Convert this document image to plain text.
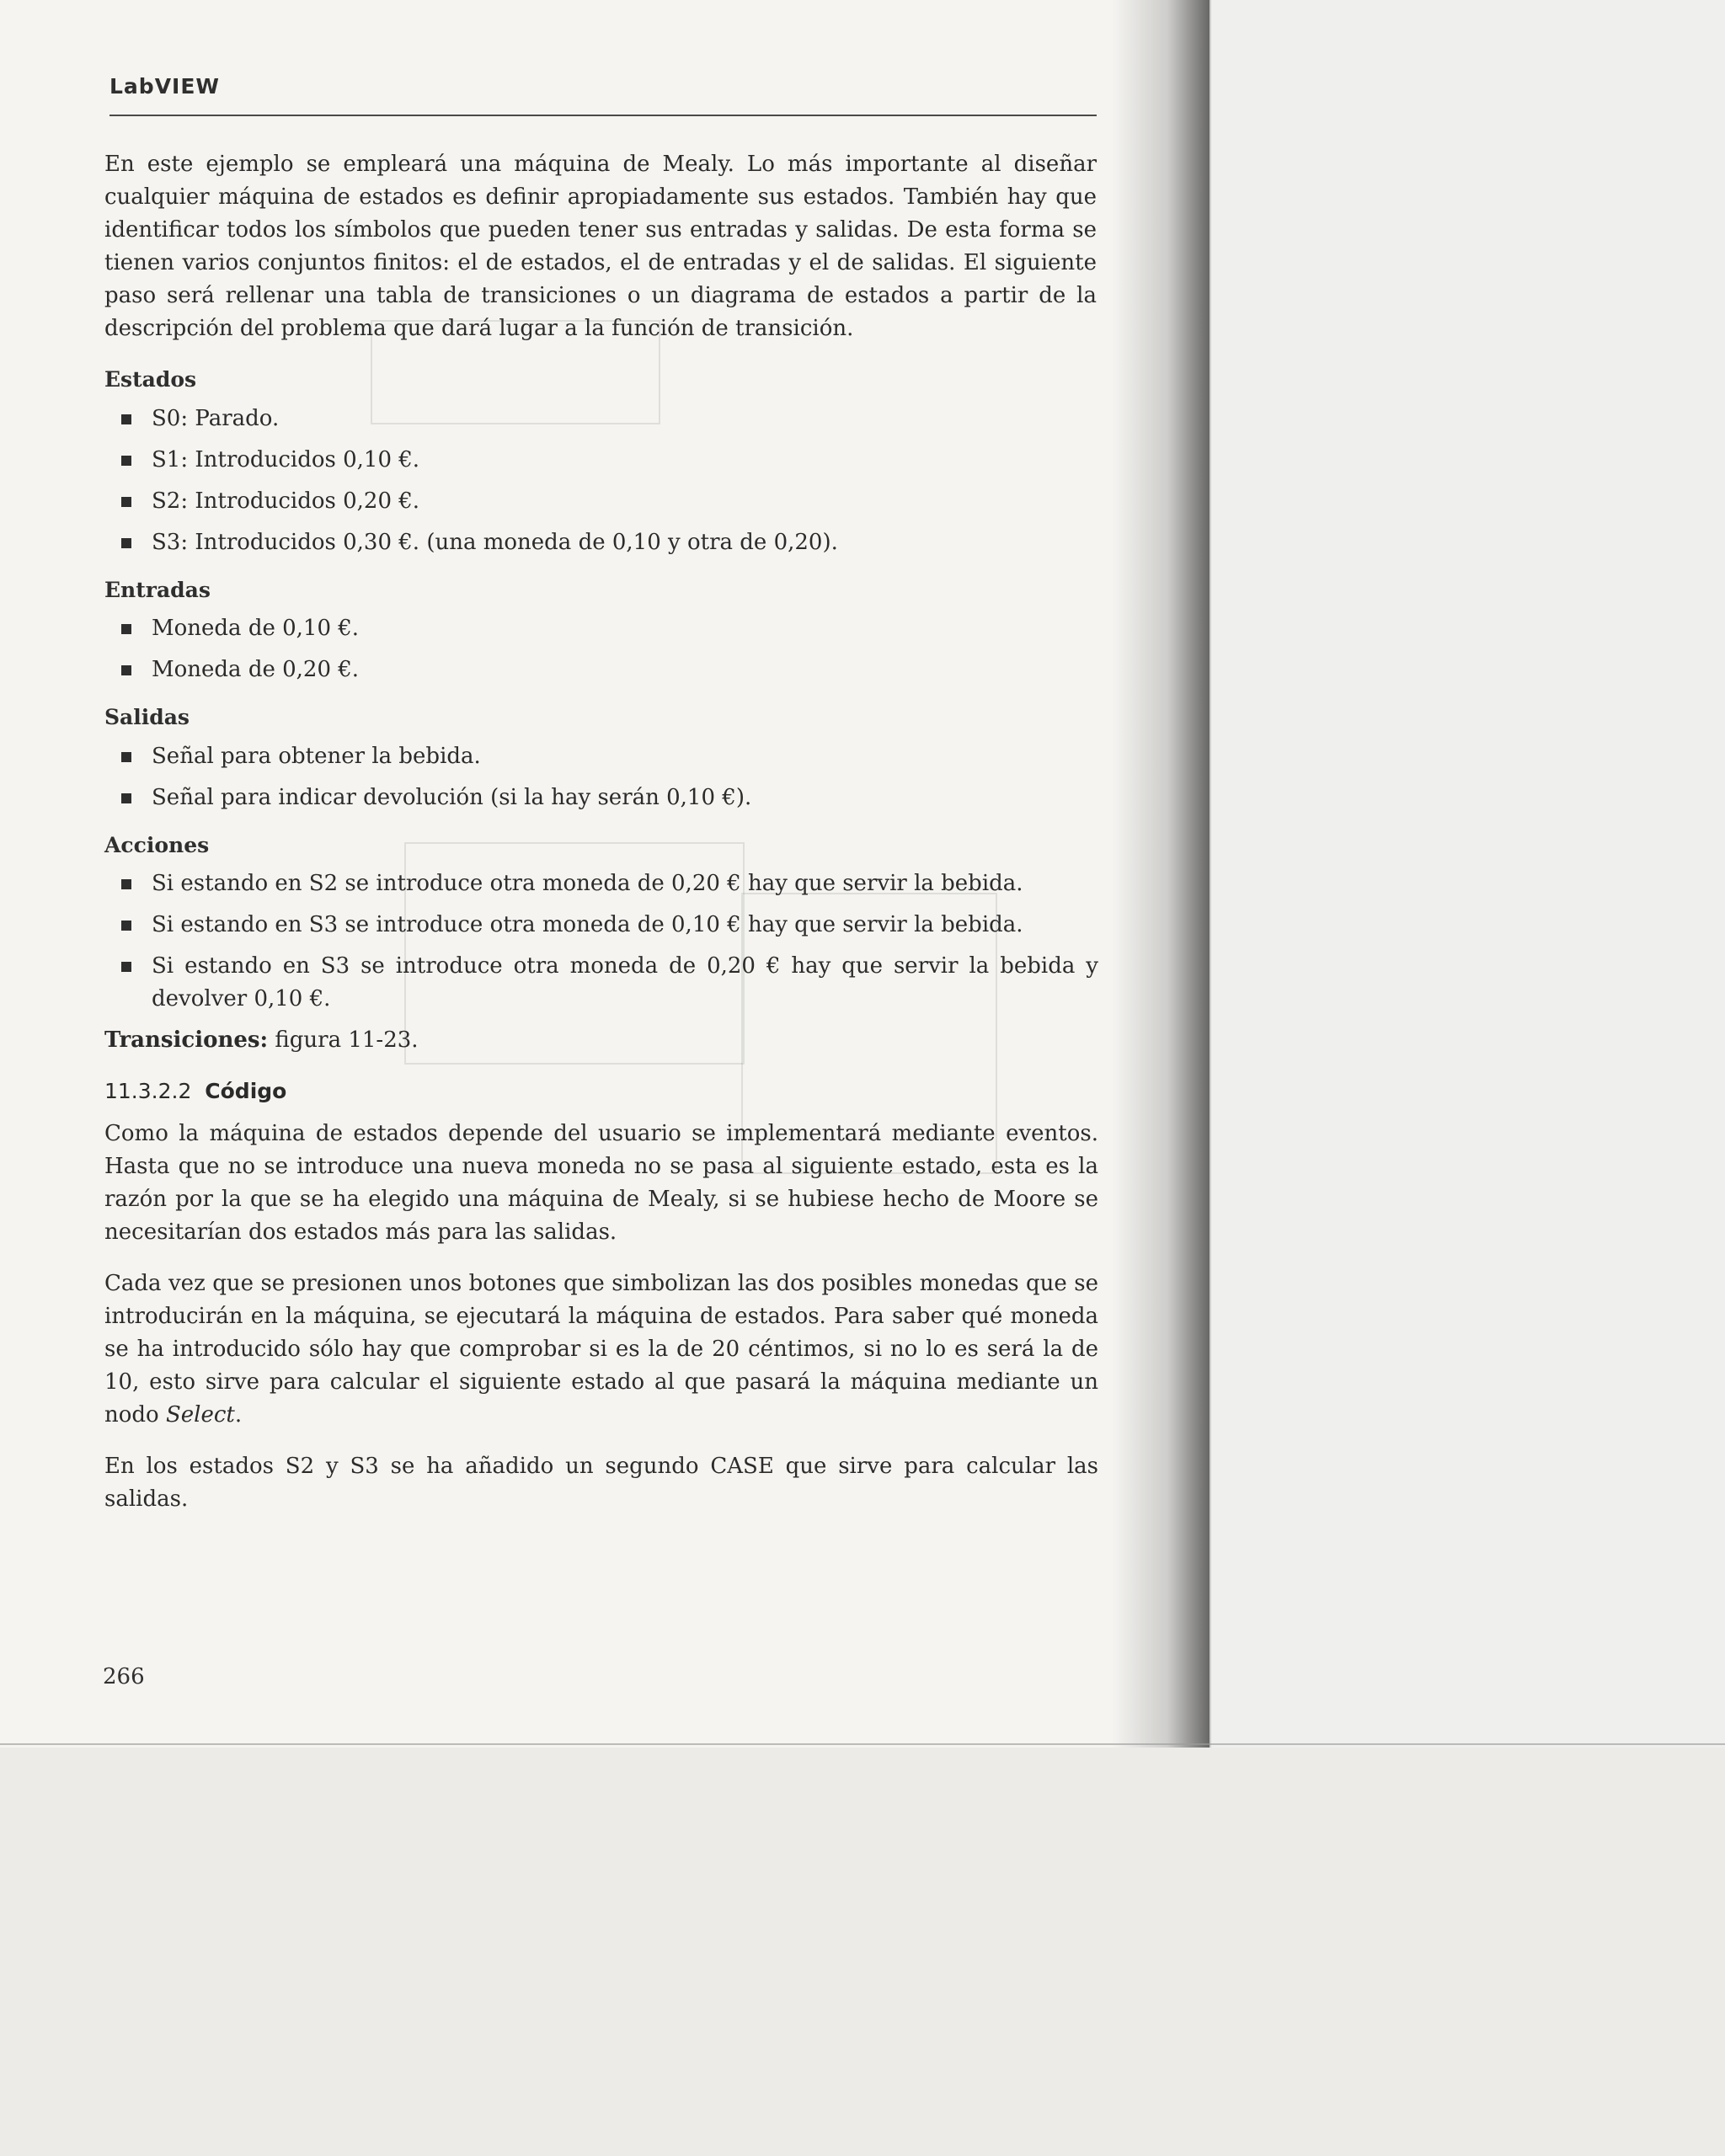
LabVIEW

En este ejemplo se empleará una máquina de Mealy. Lo más importante al diseñar cualquier máquina de estados es definir apropiadamente sus estados. También hay que identificar todos los símbolos que pueden tener sus entradas y salidas. De esta forma se tienen varios conjuntos finitos: el de estados, el de entradas y el de salidas. El siguiente paso será rellenar una tabla de transiciones o un diagrama de estados a partir de la descripción del problema que dará lugar a la función de transición.

Estados
S0: Parado.
S1: Introducidos 0,10 €.
S2: Introducidos 0,20 €.
S3: Introducidos 0,30 €. (una moneda de 0,10 y otra de 0,20).
Entradas
Moneda de 0,10 €.
Moneda de 0,20 €.
Salidas
Señal para obtener la bebida.
Señal para indicar devolución (si la hay serán 0,10 €).
Acciones
Si estando en S2 se introduce otra moneda de 0,20 € hay que servir la bebida.
Si estando en S3 se introduce otra moneda de 0,10 € hay que servir la bebida.
Si estando en S3 se introduce otra moneda de 0,20 € hay que servir la bebida y devolver 0,10 €.

Transiciones: figura 11-23.

11.3.2.2 Código

Como la máquina de estados depende del usuario se implementará mediante eventos. Hasta que no se introduce una nueva moneda no se pasa al siguiente estado, esta es la razón por la que se ha elegido una máquina de Mealy, si se hubiese hecho de Moore se necesitarían dos estados más para las salidas.

Cada vez que se presionen unos botones que simbolizan las dos posibles monedas que se introducirán en la máquina, se ejecutará la máquina de estados. Para saber qué moneda se ha introducido sólo hay que comprobar si es la de 20 céntimos, si no lo es será la de 10, esto sirve para calcular el siguiente estado al que pasará la máquina mediante un nodo Select.

En los estados S2 y S3 se ha añadido un segundo CASE que sirve para calcular las salidas.

266
